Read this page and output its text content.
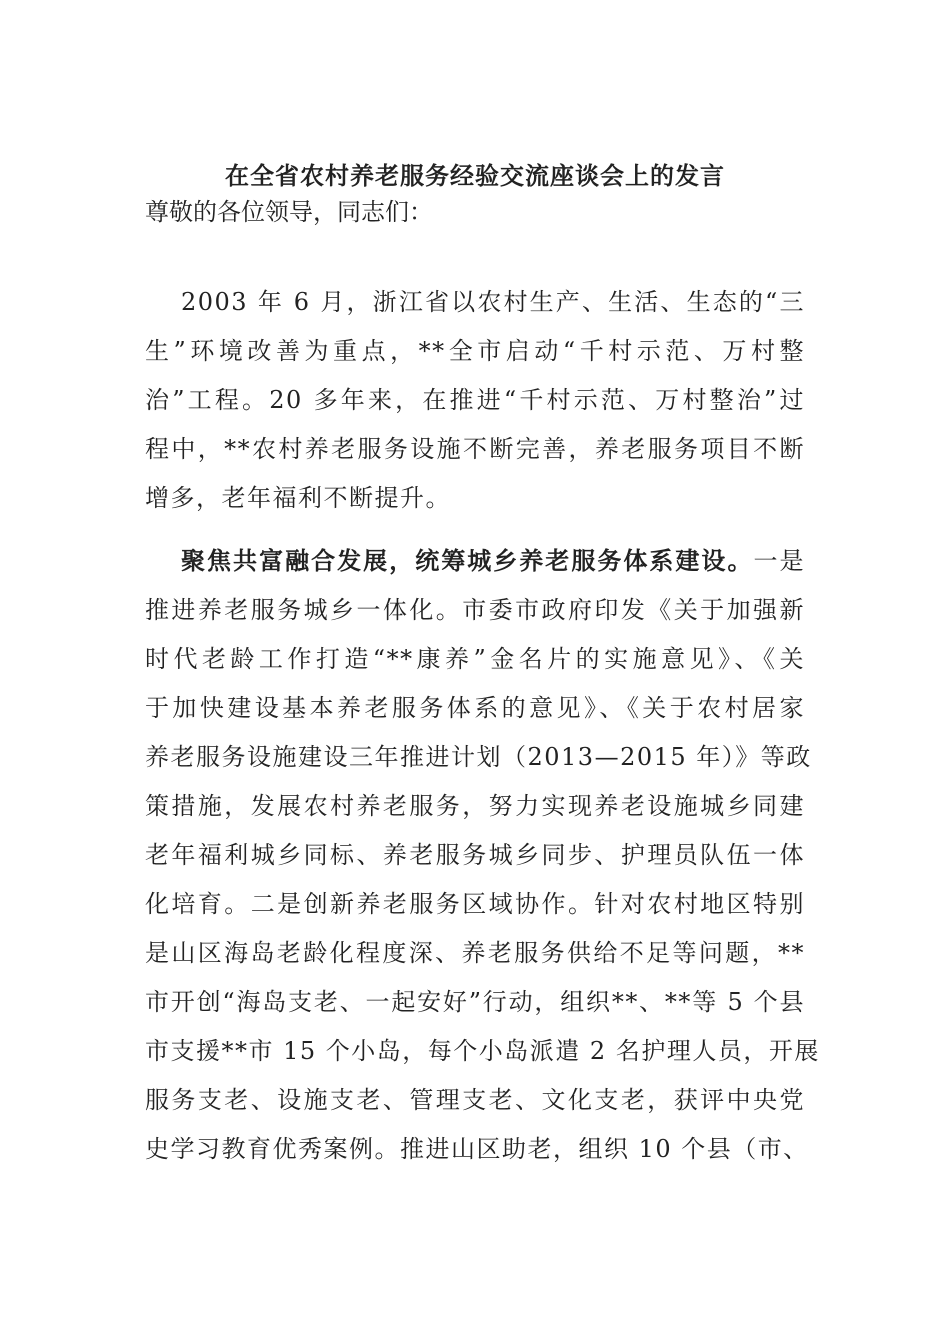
在全省农村养老服务经验交流座谈会上的发言
尊敬的各位领导，同志们：
2003 年 6 月，浙江省以农村生产、生活、生态的“三
生”环境改善为重点，**全市启动“千村示范、万村整
治”工程。20 多年来，在推进“千村示范、万村整治”过
程中，**农村养老服务设施不断完善，养老服务项目不断
增多，老年福利不断提升。
聚焦共富融合发展，统筹城乡养老服务体系建设。一是
推进养老服务城乡一体化。市委市政府印发《关于加强新
时代老龄工作打造“**康养”金名片的实施意见》、《关
于加快建设基本养老服务体系的意见》、《关于农村居家
养老服务设施建设三年推进计划（2013—2015 年）》等政
策措施，发展农村养老服务，努力实现养老设施城乡同建
老年福利城乡同标、养老服务城乡同步、护理员队伍一体
化培育。二是创新养老服务区域协作。针对农村地区特别
是山区海岛老龄化程度深、养老服务供给不足等问题，**
市开创“海岛支老、一起安好”行动，组织**、**等 5 个县
市支援**市 15 个小岛，每个小岛派遣 2 名护理人员，开展
服务支老、设施支老、管理支老、文化支老，获评中央党
史学习教育优秀案例。推进山区助老，组织 10 个县（市、
